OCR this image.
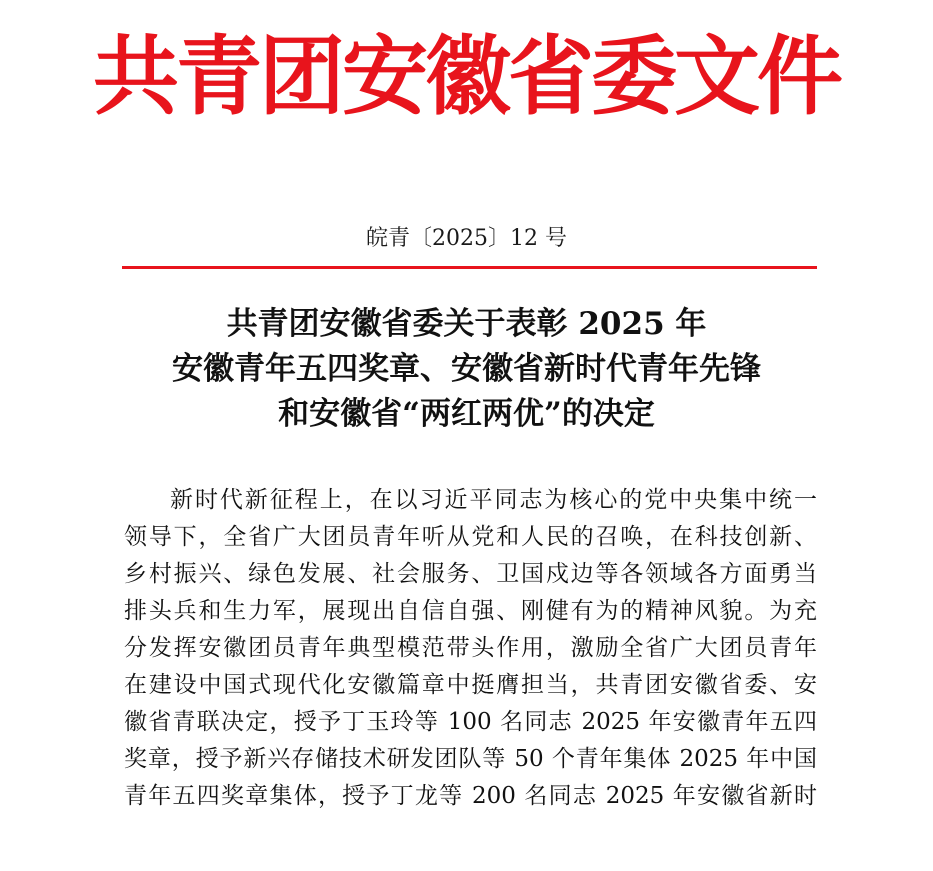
共青团安徽省委文件
皖青〔2025〕12 号
共青团安徽省委关于表彰 2025 年
安徽青年五四奖章、安徽省新时代青年先锋
和安徽省“两红两优”的决定
新时代新征程上，在以习近平同志为核心的党中央集中统一
领导下，全省广大团员青年听从党和人民的召唤，在科技创新、
乡村振兴、绿色发展、社会服务、卫国戍边等各领域各方面勇当
排头兵和生力军，展现出自信自强、刚健有为的精神风貌。为充
分发挥安徽团员青年典型模范带头作用，激励全省广大团员青年
在建设中国式现代化安徽篇章中挺膺担当，共青团安徽省委、安
徽省青联决定，授予丁玉玲等 100 名同志 2025 年安徽青年五四
奖章，授予新兴存储技术研发团队等 50 个青年集体 2025 年中国
青年五四奖章集体，授予丁龙等 200 名同志 2025 年安徽省新时
